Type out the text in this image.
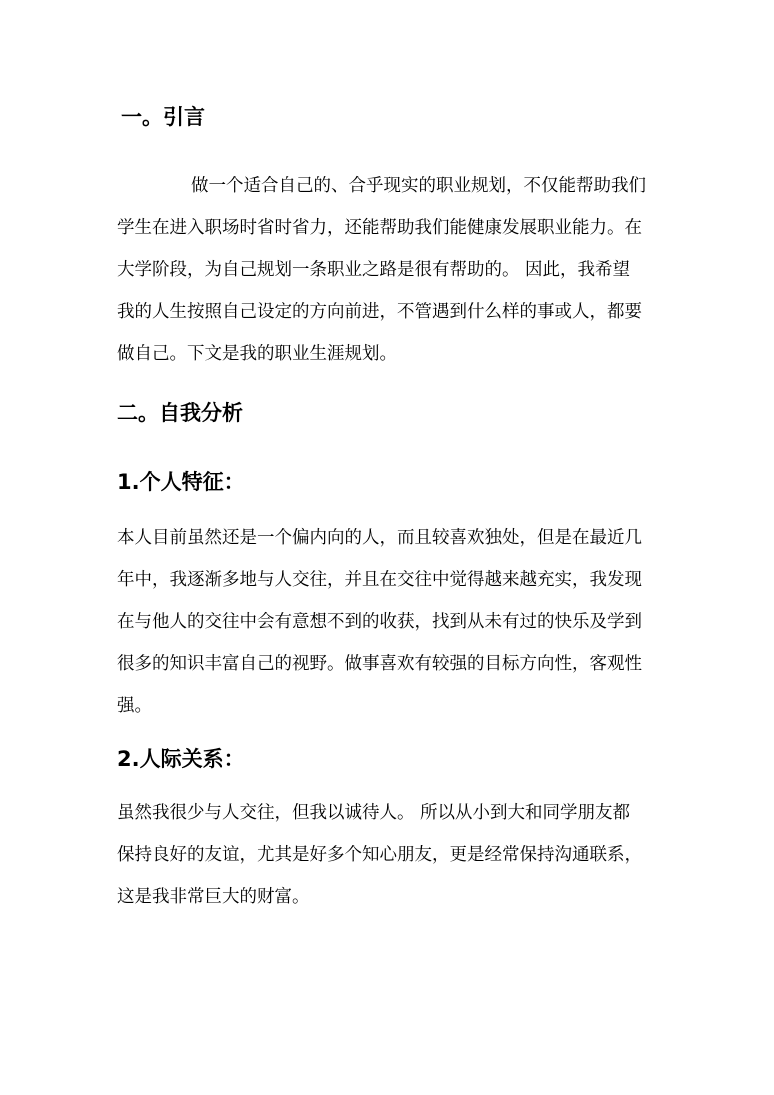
一。引言

做一个适合自己的、合乎现实的职业规划，不仅能帮助我们

学生在进入职场时省时省力，还能帮助我们能健康发展职业能力。在

大学阶段，为自己规划一条职业之路是很有帮助的。 因此，我希望

我的人生按照自己设定的方向前进，不管遇到什么样的事或人，都要

做自己。下文是我的职业生涯规划。

二。自我分析
1.个人特征：

本人目前虽然还是一个偏内向的人，而且较喜欢独处，但是在最近几

年中，我逐渐多地与人交往，并且在交往中觉得越来越充实，我发现

在与他人的交往中会有意想不到的收获，找到从未有过的快乐及学到

很多的知识丰富自己的视野。做事喜欢有较强的目标方向性，客观性

强。

2.人际关系：

虽然我很少与人交往，但我以诚待人。 所以从小到大和同学朋友都

保持良好的友谊，尤其是好多个知心朋友，更是经常保持沟通联系，

这是我非常巨大的财富。
